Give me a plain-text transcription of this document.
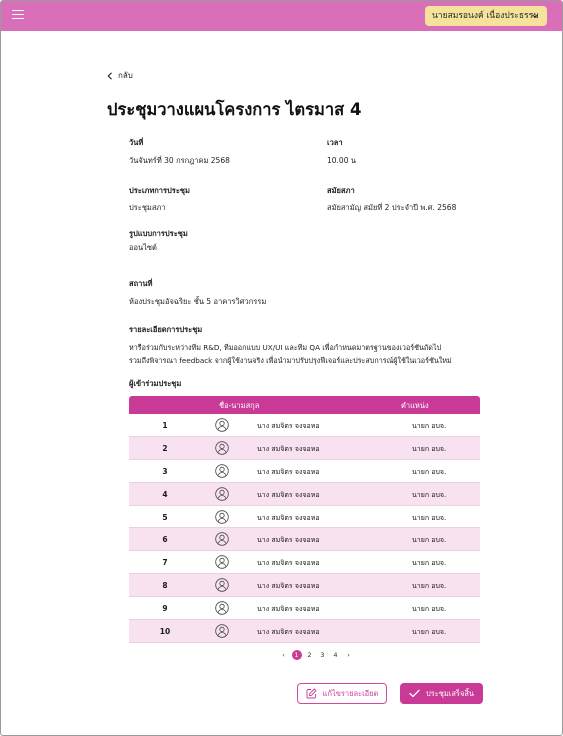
นายสมรอนงค์ เนื่องประธรรม
กลับ
ประชุมวางแผนโครงการ ไตรมาส 4
วันที่
วันจันทร์ที่ 30 กรกฎาคม 2568
เวลา
10.00 น
ประเภทการประชุม
ประชุมสภา
สมัยสภา
สมัยสามัญ สมัยที่ 2 ประจำปี พ.ศ. 2568
รูปแบบการประชุม
ออนไซต์
สถานที่
ห้องประชุมอัจฉริยะ ชั้น 5 อาคารวิศวกรรม
รายละเอียดการประชุม
หารือร่วมกับระหว่างทีม R&D, ทีมออกแบบ UX/UI และทีม QA เพื่อกำหนดมาตรฐานของเวอร์ชันถัดไป
รวมถึงพิจารณา feedback จากผู้ใช้งานจริง เพื่อนำมาปรับปรุงฟีเจอร์และประสบการณ์ผู้ใช้ในเวอร์ชันใหม่
ผู้เข้าร่วมประชุม
ชื่อ-นามสกุล	ตำแหน่ง
1	นาง สมจิตร จงจอหอ	นายก อบจ.
2	นาง สมจิตร จงจอหอ	นายก อบจ.
3	นาง สมจิตร จงจอหอ	นายก อบจ.
4	นาง สมจิตร จงจอหอ	นายก อบจ.
5	นาง สมจิตร จงจอหอ	นายก อบจ.
6	นาง สมจิตร จงจอหอ	นายก อบจ.
7	นาง สมจิตร จงจอหอ	นายก อบจ.
8	นาง สมจิตร จงจอหอ	นายก อบจ.
9	นาง สมจิตร จงจอหอ	นายก อบจ.
10	นาง สมจิตร จงจอหอ	นายก อบจ.
‹	1	2	3	4	›
แก้ไขรายละเอียด	ประชุมเสร็จสิ้น
